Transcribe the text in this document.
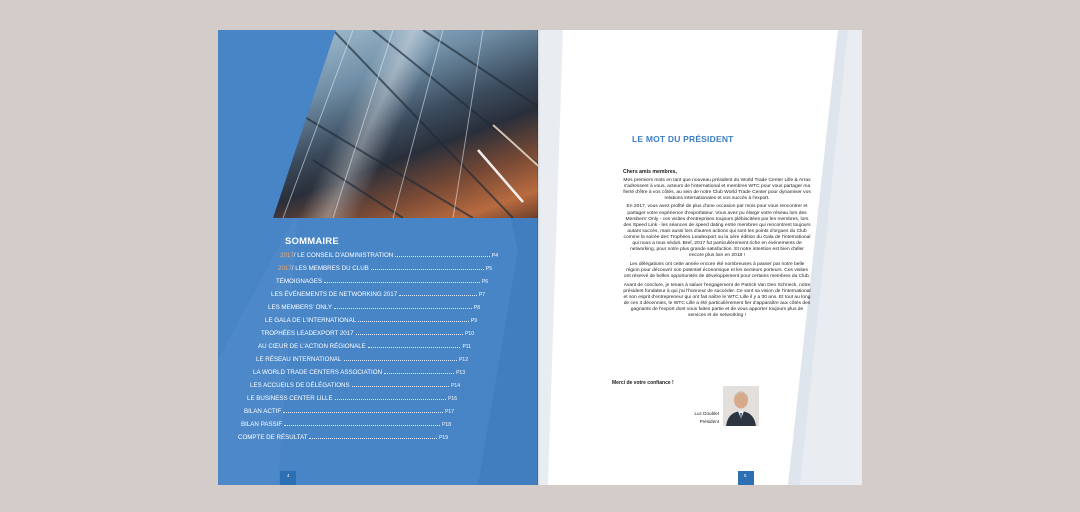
SOMMAIRE
2017 / LE CONSEIL D'ADMINISTRATION	P4
2017 / LES MEMBRES DU CLUB	P5
TÉMOIGNAGES	P6
LES ÉVÉNEMENTS DE NETWORKING 2017	P7
LES MEMBERS' ONLY	P8
LE GALA DE L'INTERNATIONAL	P9
TROPHÉES LEADEXPORT 2017	P10
AU CŒUR DE L'ACTION RÉGIONALE	P11
LE RÉSEAU INTERNATIONAL	P12
LA WORLD TRADE CENTERS ASSOCIATION	P13
LES ACCUEILS DE DÉLÉGATIONS	P14
LE BUSINESS CENTER LILLE	P16
BILAN ACTIF	P17
BILAN PASSIF	P18
COMPTE DE RÉSULTAT	P19
4
LE MOT DU PRÉSIDENT

Chers amis membres,

Mes premiers mots en tant que nouveau président du World Trade Center Lille & Arras s'adressent à vous, acteurs de l'international et membres WTC pour vous partager ma fierté d'être à vos côtés, au sein de notre Club World Trade Center pour dynamiser vos relations internationales et vos succès à l'export.

En 2017, vous avez profité de plus d'une occasion par mois pour vous rencontrer et partager votre expérience d'exportateur. Vous avez pu élargir votre réseau lors des Members' Only - ces visites d'entreprises toujours plébiscitées par les membres, lors des Speed Link - les séances de speed dating entre membres qui rencontrent toujours autant succès, mais aussi lors d'autres actions qui sont les points d'orgues du Club comme la soirée des Trophées Leadexport ou la 1ère édition du Gala de l'international qui nous a tous séduit. Bref, 2017 fut particulièrement riche en événements de networking, pour notre plus grande satisfaction. Et notre intention est bien d'aller encore plus loin en 2018 !

Les délégations ont cette année encore été nombreuses à passer par notre belle région pour découvrir son potentiel économique et les secteurs porteurs. Ces visites ont réservé de belles opportunités de développement pour certains membres du Club.

Avant de conclure, je tenais à saluer l'engagement de Patrick Van Den Schrieck, notre président fondateur à qui j'ai l'honneur de succéder. Ce sont sa vision de l'international et son esprit d'entrepreneur qui ont fait naître le WTC Lille il y a 30 ans. Et tout au long de ces 3 décennies, le WTC Lille a été particulièrement fier d'apparaître aux côtés des gagnants de l'export dont vous faites partie et de vous apporter toujours plus de services et de networking !

Merci de votre confiance !
Luc Doublet
Président
5
